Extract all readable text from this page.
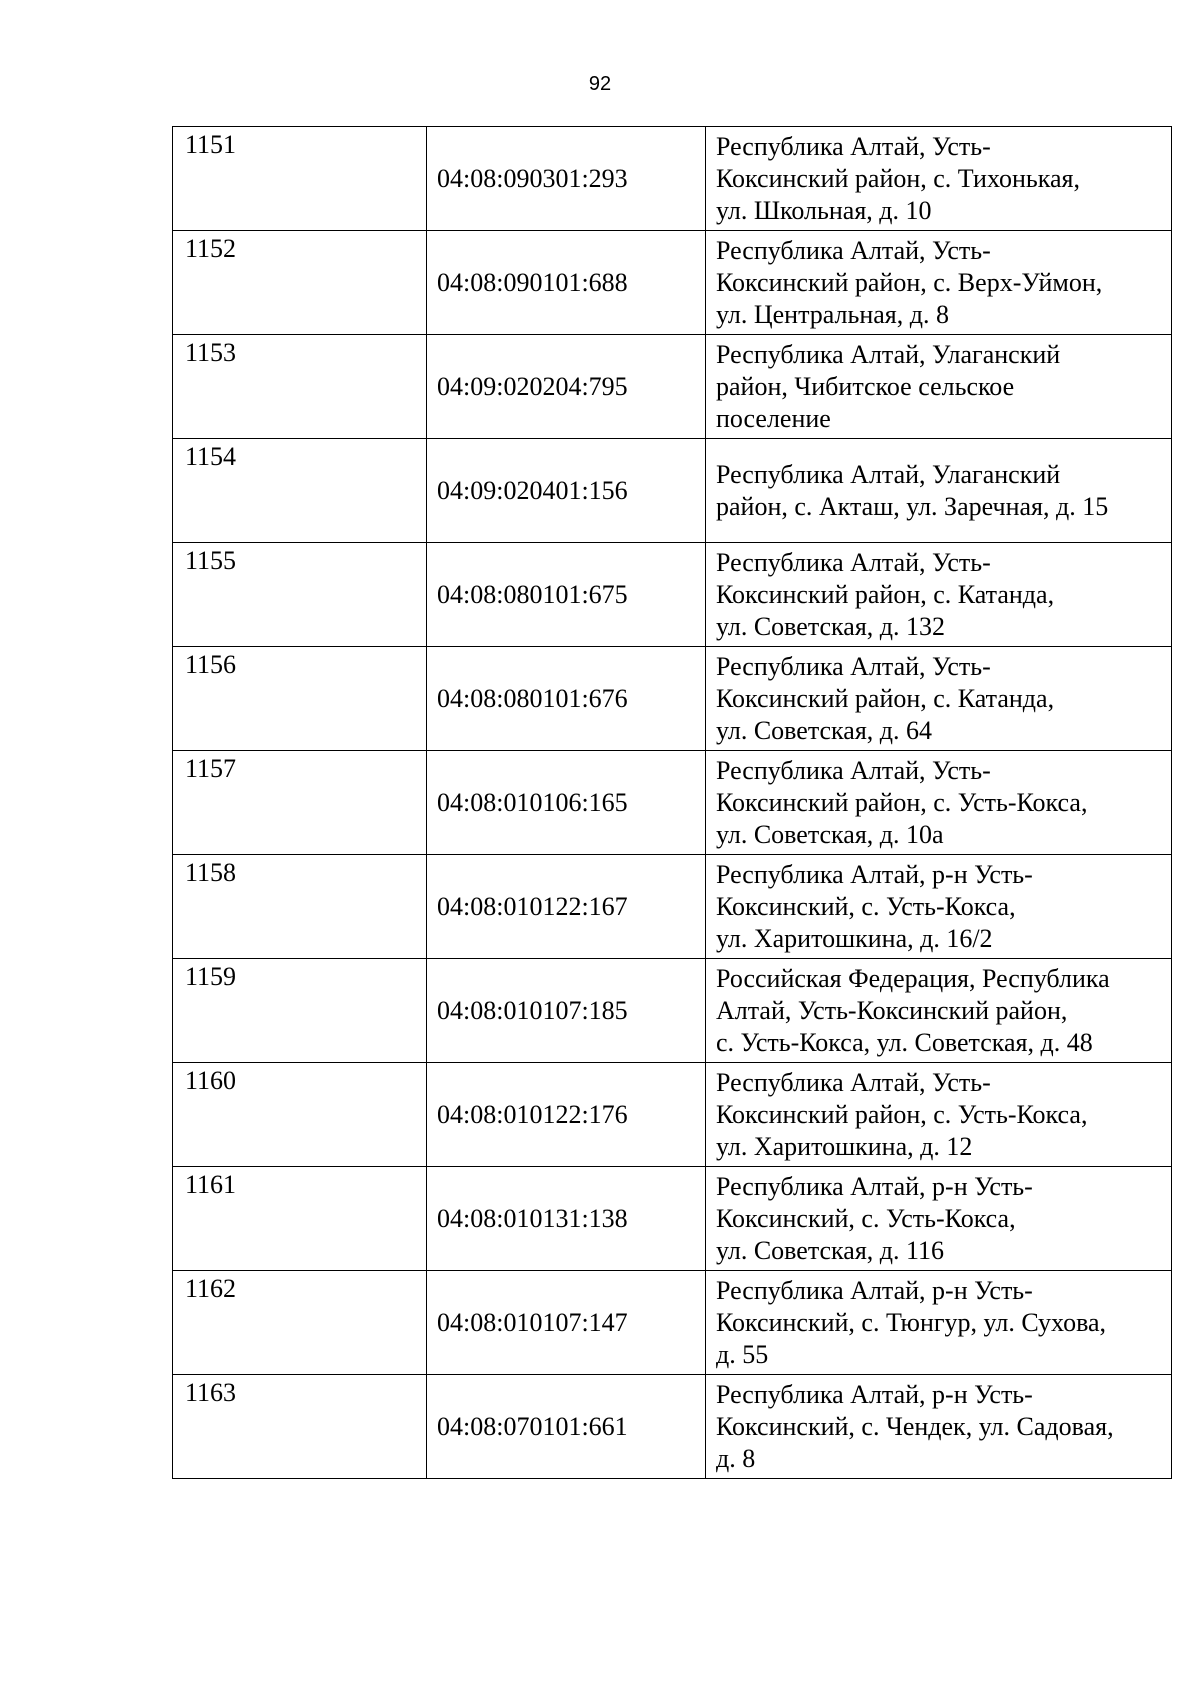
92
1151	04:08:090301:293	Республика Алтай, Усть-
Коксинский район, с. Тихонькая,
ул. Школьная, д. 10

1152	04:08:090101:688	Республика Алтай, Усть-
Коксинский район, с. Верх-Уймон,
ул. Центральная, д. 8

1153	04:09:020204:795	Республика Алтай, Улаганский
район, Чибитское сельское
поселение

1154	04:09:020401:156	Республика Алтай, Улаганский
район, с. Акташ, ул. Заречная, д. 15

1155	04:08:080101:675	Республика Алтай, Усть-
Коксинский район, с. Катанда,
ул. Советская, д. 132

1156	04:08:080101:676	Республика Алтай, Усть-
Коксинский район, с. Катанда,
ул. Советская, д. 64

1157	04:08:010106:165	Республика Алтай, Усть-
Коксинский район, с. Усть-Кокса,
ул. Советская, д. 10а

1158	04:08:010122:167	Республика Алтай, р-н Усть-
Коксинский, с. Усть-Кокса,
ул. Харитошкина, д. 16/2

1159	04:08:010107:185	Российская Федерация, Республика
Алтай, Усть-Коксинский район,
с. Усть-Кокса, ул. Советская, д. 48

1160	04:08:010122:176	Республика Алтай, Усть-
Коксинский район, с. Усть-Кокса,
ул. Харитошкина, д. 12

1161	04:08:010131:138	Республика Алтай, р-н Усть-
Коксинский, с. Усть-Кокса,
ул. Советская, д. 116

1162	04:08:010107:147	Республика Алтай, р-н Усть-
Коксинский, с. Тюнгур, ул. Сухова,
д. 55

1163	04:08:070101:661	Республика Алтай, р-н Усть-
Коксинский, с. Чендек, ул. Садовая,
д. 8
